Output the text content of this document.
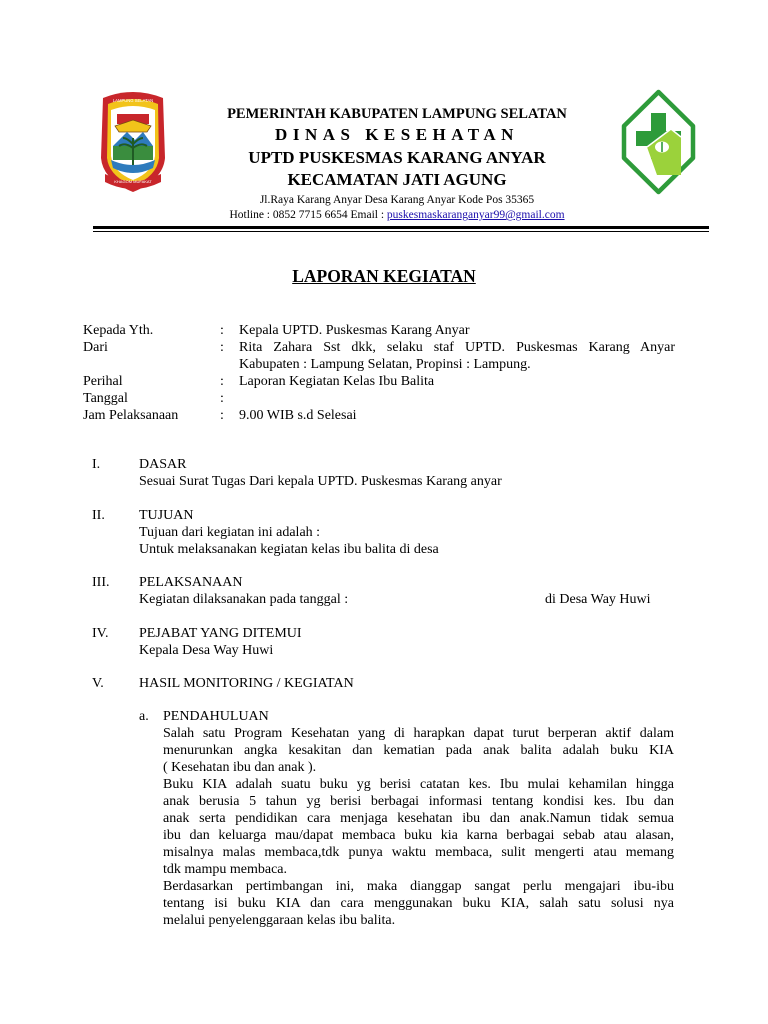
LAMPUNG SELATAN
KHAGOM MUFAKAT
PEMERINTAH KABUPATEN LAMPUNG SELATAN
DINAS KESEHATAN
UPTD PUSKESMAS KARANG ANYAR
KECAMATAN JATI AGUNG
Jl.Raya Karang Anyar Desa Karang Anyar Kode Pos 35365
Hotline : 0852 7715 6654 Email : puskesmaskaranganyar99@gmail.com
LAPORAN KEGIATAN
Kepada Yth.	: Kepala UPTD. Puskesmas Karang Anyar
Dari	: Rita Zahara Sst dkk, selaku staf UPTD. Puskesmas Karang Anyar
Kabupaten : Lampung Selatan, Propinsi : Lampung.
Perihal	: Laporan Kegiatan Kelas Ibu Balita
Tanggal	:
Jam Pelaksanaan	: 9.00 WIB s.d Selesai
I.	DASAR
Sesuai Surat Tugas Dari kepala UPTD. Puskesmas Karang anyar
II. TUJUAN
Tujuan dari kegiatan ini adalah :
Untuk melaksanakan kegiatan kelas ibu balita di desa
III. PELAKSANAAN
Kegiatan dilaksanakan pada tanggal :	di Desa Way Huwi
IV. PEJABAT YANG DITEMUI
Kepala Desa Way Huwi
V.	HASIL MONITORING / KEGIATAN
a. PENDAHULUAN
Salah satu Program Kesehatan yang di harapkan dapat turut berperan aktif dalam
menurunkan angka kesakitan dan kematian pada anak balita adalah buku KIA
( Kesehatan ibu dan anak ).
Buku KIA adalah suatu buku yg berisi catatan kes. Ibu mulai kehamilan hingga
anak berusia 5 tahun yg berisi berbagai informasi tentang kondisi kes. Ibu dan
anak serta pendidikan cara menjaga kesehatan ibu dan anak.Namun tidak semua
ibu dan keluarga mau/dapat membaca buku kia karna berbagai sebab atau alasan,
misalnya malas membaca,tdk punya waktu membaca, sulit mengerti atau memang
tdk mampu membaca.
Berdasarkan pertimbangan ini, maka dianggap sangat perlu mengajari ibu-ibu
tentang isi buku KIA dan cara menggunakan buku KIA, salah satu solusi nya
melalui penyelenggaraan kelas ibu balita.
